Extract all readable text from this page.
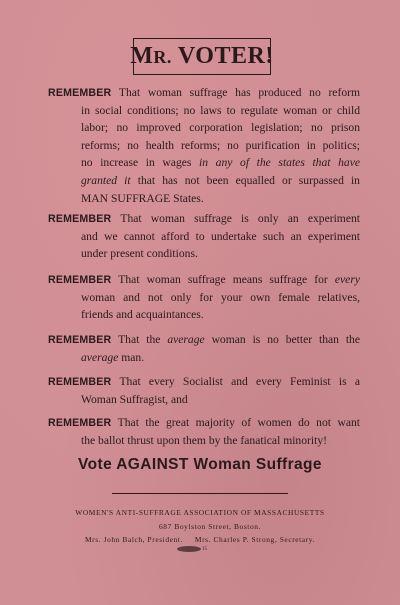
MR. VOTER!
REMEMBER That woman suffrage has produced no reform
in social conditions; no laws to regulate woman or child
labor; no improved corporation legislation; no prison
reforms; no health reforms; no purification in politics;
no increase in wages in any of the states that have
granted it that has not been equalled or surpassed in
MAN SUFFRAGE States.
REMEMBER That woman suffrage is only an experiment
and we cannot afford to undertake such an experiment
under present conditions.
REMEMBER That woman suffrage means suffrage for every
woman and not only for your own female relatives,
friends and acquaintances.
REMEMBER That the average woman is no better than the
average man.
REMEMBER That every Socialist and every Feminist is a
Woman Suffragist, and
REMEMBER That the great majority of women do not want
the ballot thrust upon them by the fanatical minority!
Vote AGAINST Woman Suffrage
WOMEN'S ANTI-SUFFRAGE ASSOCIATION OF MASSACHUSETTS
687 Boylston Street, Boston.
Mrs. John Balch, President. Mrs. Charles P. Strong, Secretary.
15
